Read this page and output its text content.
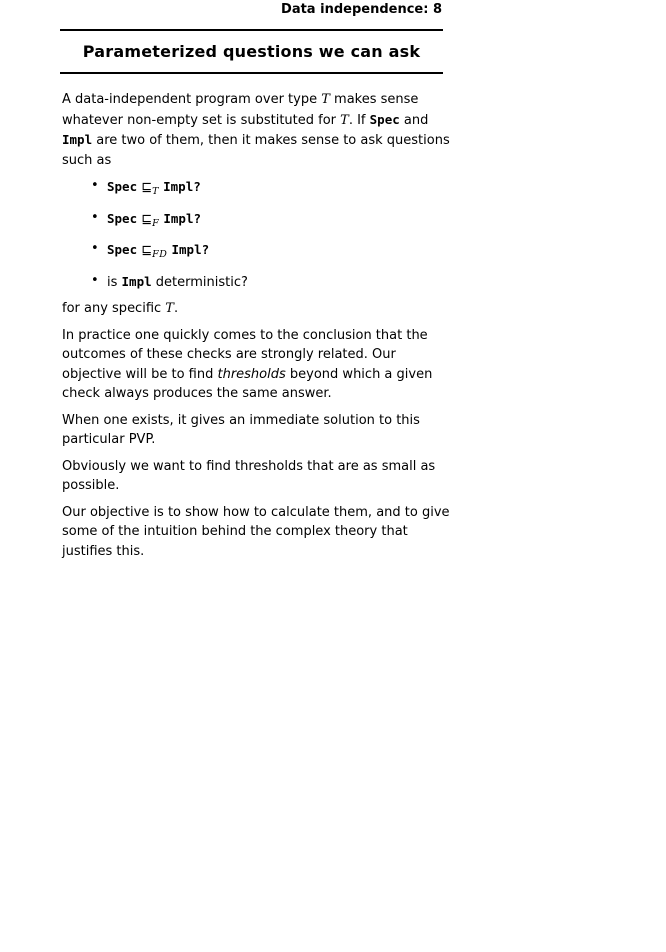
Data independence: 8
Parameterized questions we can ask

A data-independent program over type T makes sense whatever non-empty set is substituted for T. If Spec and Impl are two of them, then it makes sense to ask questions such as

• Spec $⊑_T$ Impl?
• Spec $⊑_F$ Impl?
• Spec $⊑_{FD}$ Impl?
• is Impl deterministic?

for any specific T.

In practice one quickly comes to the conclusion that the outcomes of these checks are strongly related. Our objective will be to find thresholds beyond which a given check always produces the same answer.

When one exists, it gives an immediate solution to this particular PVP.

Obviously we want to find thresholds that are as small as possible.

Our objective is to show how to calculate them, and to give some of the intuition behind the complex theory that justifies this.
